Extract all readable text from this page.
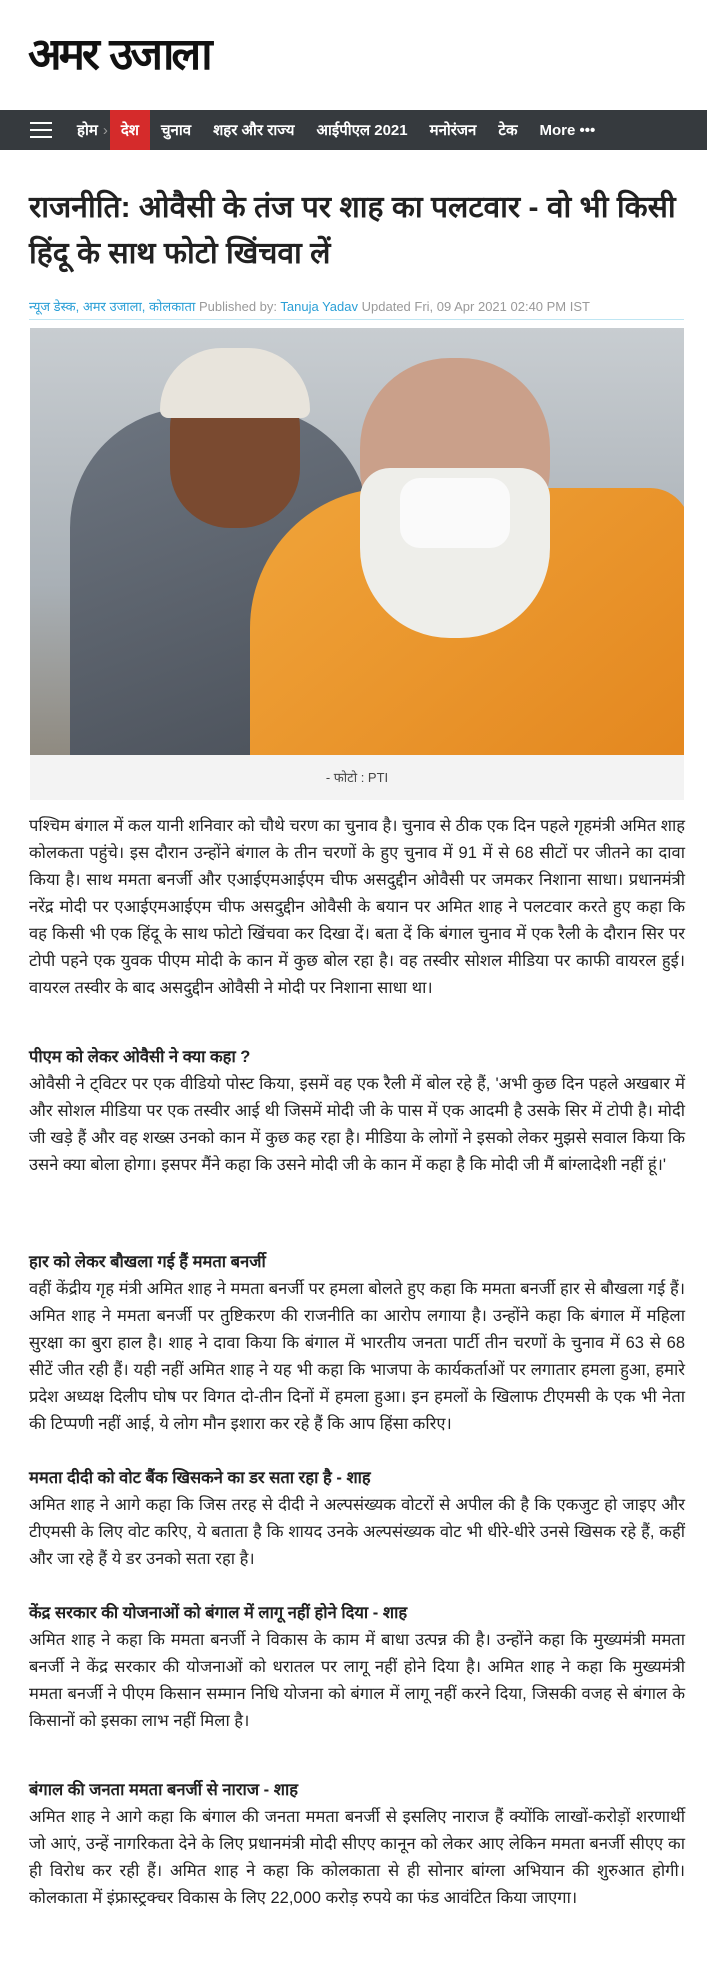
अमर उजाला
होम › देश	चुनाव	शहर और राज्य	आईपीएल 2021	मनोरंजन	टेक	More •••
राजनीति: ओवैसी के तंज पर शाह का पलटवार - वो भी किसी हिंदू के साथ फोटो खिंचवा लें
न्यूज डेस्क, अमर उजाला, कोलकाता Published by: Tanuja Yadav Updated Fri, 09 Apr 2021 02:40 PM IST
- फोटो : PTI

पश्चिम बंगाल में कल यानी शनिवार को चौथे चरण का चुनाव है। चुनाव से ठीक एक दिन पहले गृहमंत्री अमित शाह कोलकता पहुंचे। इस दौरान उन्होंने बंगाल के तीन चरणों के हुए चुनाव में 91 में से 68 सीटों पर जीतने का दावा किया है। साथ ममता बनर्जी और एआईएमआईएम चीफ असदुद्दीन ओवैसी पर जमकर निशाना साधा। प्रधानमंत्री नरेंद्र मोदी पर एआईएमआईएम चीफ असदुद्दीन ओवैसी के बयान पर अमित शाह ने पलटवार करते हुए कहा कि वह किसी भी एक हिंदू के साथ फोटो खिंचवा कर दिखा दें। बता दें कि बंगाल चुनाव में एक रैली के दौरान सिर पर टोपी पहने एक युवक पीएम मोदी के कान में कुछ बोल रहा है। वह तस्वीर सोशल मीडिया पर काफी वायरल हुई। वायरल तस्वीर के बाद असदुद्दीन ओवैसी ने मोदी पर निशाना साधा था।

पीएम को लेकर ओवैसी ने क्या कहा ?

ओवैसी ने ट्विटर पर एक वीडियो पोस्ट किया, इसमें वह एक रैली में बोल रहे हैं, 'अभी कुछ दिन पहले अखबार में और सोशल मीडिया पर एक तस्वीर आई थी जिसमें मोदी जी के पास में एक आदमी है उसके सिर में टोपी है। मोदी जी खड़े हैं और वह शख्स उनको कान में कुछ कह रहा है। मीडिया के लोगों ने इसको लेकर मुझसे सवाल किया कि उसने क्या बोला होगा। इसपर मैंने कहा कि उसने मोदी जी के कान में कहा है कि मोदी जी मैं बांग्लादेशी नहीं हूं।'

हार को लेकर बौखला गई हैं ममता बनर्जी

वहीं केंद्रीय गृह मंत्री अमित शाह ने ममता बनर्जी पर हमला बोलते हुए कहा कि ममता बनर्जी हार से बौखला गई हैं। अमित शाह ने ममता बनर्जी पर तुष्टिकरण की राजनीति का आरोप लगाया है। उन्होंने कहा कि बंगाल में महिला सुरक्षा का बुरा हाल है। शाह ने दावा किया कि बंगाल में भारतीय जनता पार्टी तीन चरणों के चुनाव में 63 से 68 सीटें जीत रही हैं। यही नहीं अमित शाह ने यह भी कहा कि भाजपा के कार्यकर्ताओं पर लगातार हमला हुआ, हमारे प्रदेश अध्यक्ष दिलीप घोष पर विगत दो-तीन दिनों में हमला हुआ। इन हमलों के खिलाफ टीएमसी के एक भी नेता की टिप्पणी नहीं आई, ये लोग मौन इशारा कर रहे हैं कि आप हिंसा करिए।

ममता दीदी को वोट बैंक खिसकने का डर सता रहा है - शाह

अमित शाह ने आगे कहा कि जिस तरह से दीदी ने अल्पसंख्यक वोटरों से अपील की है कि एकजुट हो जाइए और टीएमसी के लिए वोट करिए, ये बताता है कि शायद उनके अल्पसंख्यक वोट भी धीरे-धीरे उनसे खिसक रहे हैं, कहीं और जा रहे हैं ये डर उनको सता रहा है।

केंद्र सरकार की योजनाओं को बंगाल में लागू नहीं होने दिया - शाह

अमित शाह ने कहा कि ममता बनर्जी ने विकास के काम में बाधा उत्पन्न की है। उन्होंने कहा कि मुख्यमंत्री ममता बनर्जी ने केंद्र सरकार की योजनाओं को धरातल पर लागू नहीं होने दिया है। अमित शाह ने कहा कि मुख्यमंत्री ममता बनर्जी ने पीएम किसान सम्मान निधि योजना को बंगाल में लागू नहीं करने दिया, जिसकी वजह से बंगाल के किसानों को इसका लाभ नहीं मिला है।

बंगाल की जनता ममता बनर्जी से नाराज - शाह

अमित शाह ने आगे कहा कि बंगाल की जनता ममता बनर्जी से इसलिए नाराज हैं क्योंकि लाखों-करोड़ों शरणार्थी जो आएं, उन्हें नागरिकता देने के लिए प्रधानमंत्री मोदी सीएए कानून को लेकर आए लेकिन ममता बनर्जी सीएए का ही विरोध कर रही हैं। अमित शाह ने कहा कि कोलकाता से ही सोनार बांग्ला अभियान की शुरुआत होगी। कोलकाता में इंफ्रास्ट्रक्चर विकास के लिए 22,000 करोड़ रुपये का फंड आवंटित किया जाएगा।
